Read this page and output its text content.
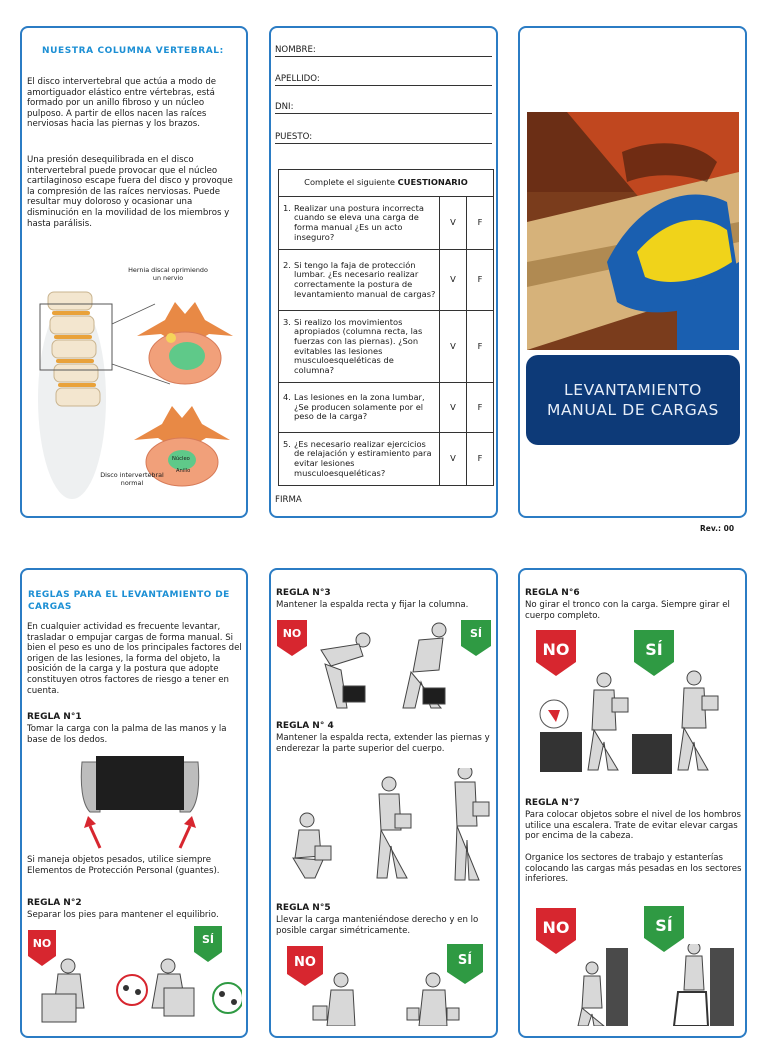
NUESTRA COLUMNA VERTEBRAL:
El disco intervertebral que actúa a modo de amortiguador elástico entre vértebras, está formado por un anillo fibroso y un núcleo pulposo. A partir de ellos nacen las raíces nerviosas hacia las piernas y los brazos.
Una presión desequilibrada en el disco intervertebral puede provocar que el núcleo cartilaginoso escape fuera del disco y provoque la compresión de las raíces nerviosas. Puede resultar muy doloroso y ocasionar una disminución en la movilidad de los miembros y hasta parálisis.
Hernia discal oprimiendo un nervio
Disco intervertebral normal
Núcleo
Anillo
NOMBRE:
APELLIDO:
DNI:
PUESTO:
Complete el siguiente CUESTIONARIO		

1. Realizar una postura incorrecta cuando se eleva una carga de forma manual ¿Es un acto inseguro?	V	F

2. Si tengo la faja de protección lumbar. ¿Es necesario realizar correctamente la postura de levantamiento manual de cargas?	V	F

3. Si realizo los movimientos apropiados (columna recta, las fuerzas con las piernas). ¿Son evitables las lesiones musculoesqueléticas de columna?	V	F

4. Las lesiones en la zona lumbar, ¿Se producen solamente por el peso de la carga?	V	F

5. ¿Es necesario realizar ejercicios de relajación y estiramiento para evitar lesiones musculoesqueléticas?	V	F
FIRMA
LEVANTAMIENTO
MANUAL DE CARGAS
Rev.: 00
REGLAS PARA EL LEVANTAMIENTO DE CARGAS
En cualquier actividad es frecuente levantar, trasladar o empujar cargas de forma manual. Si bien el peso es uno de los principales factores del origen de las lesiones, la forma del objeto, la posición de la carga y la postura que adopte constituyen otros factores de riesgo a tener en cuenta.
REGLA N°1
Tomar la carga con la palma de las manos y la base de los dedos.
Si maneja objetos pesados, utilice siempre Elementos de Protección Personal (guantes).
REGLA N°2
Separar los pies para mantener el equilibrio.
NO	SÍ
REGLA N°3
Mantener la espalda recta y fijar la columna.
NO	SÍ
REGLA N° 4
Mantener la espalda recta, extender las piernas y enderezar la parte superior del cuerpo.
REGLA N°5
Llevar la carga manteniéndose derecho y en lo posible cargar simétricamente.
NO	SÍ
REGLA N°6
No girar el tronco con la carga. Siempre girar el cuerpo completo.
NO	SÍ
REGLA N°7
Para colocar objetos sobre el nivel de los hombros utilice una escalera. Trate de evitar elevar cargas por encima de la cabeza.
Organice los sectores de trabajo y estanterías colocando las cargas más pesadas en los sectores inferiores.
NO	SÍ
